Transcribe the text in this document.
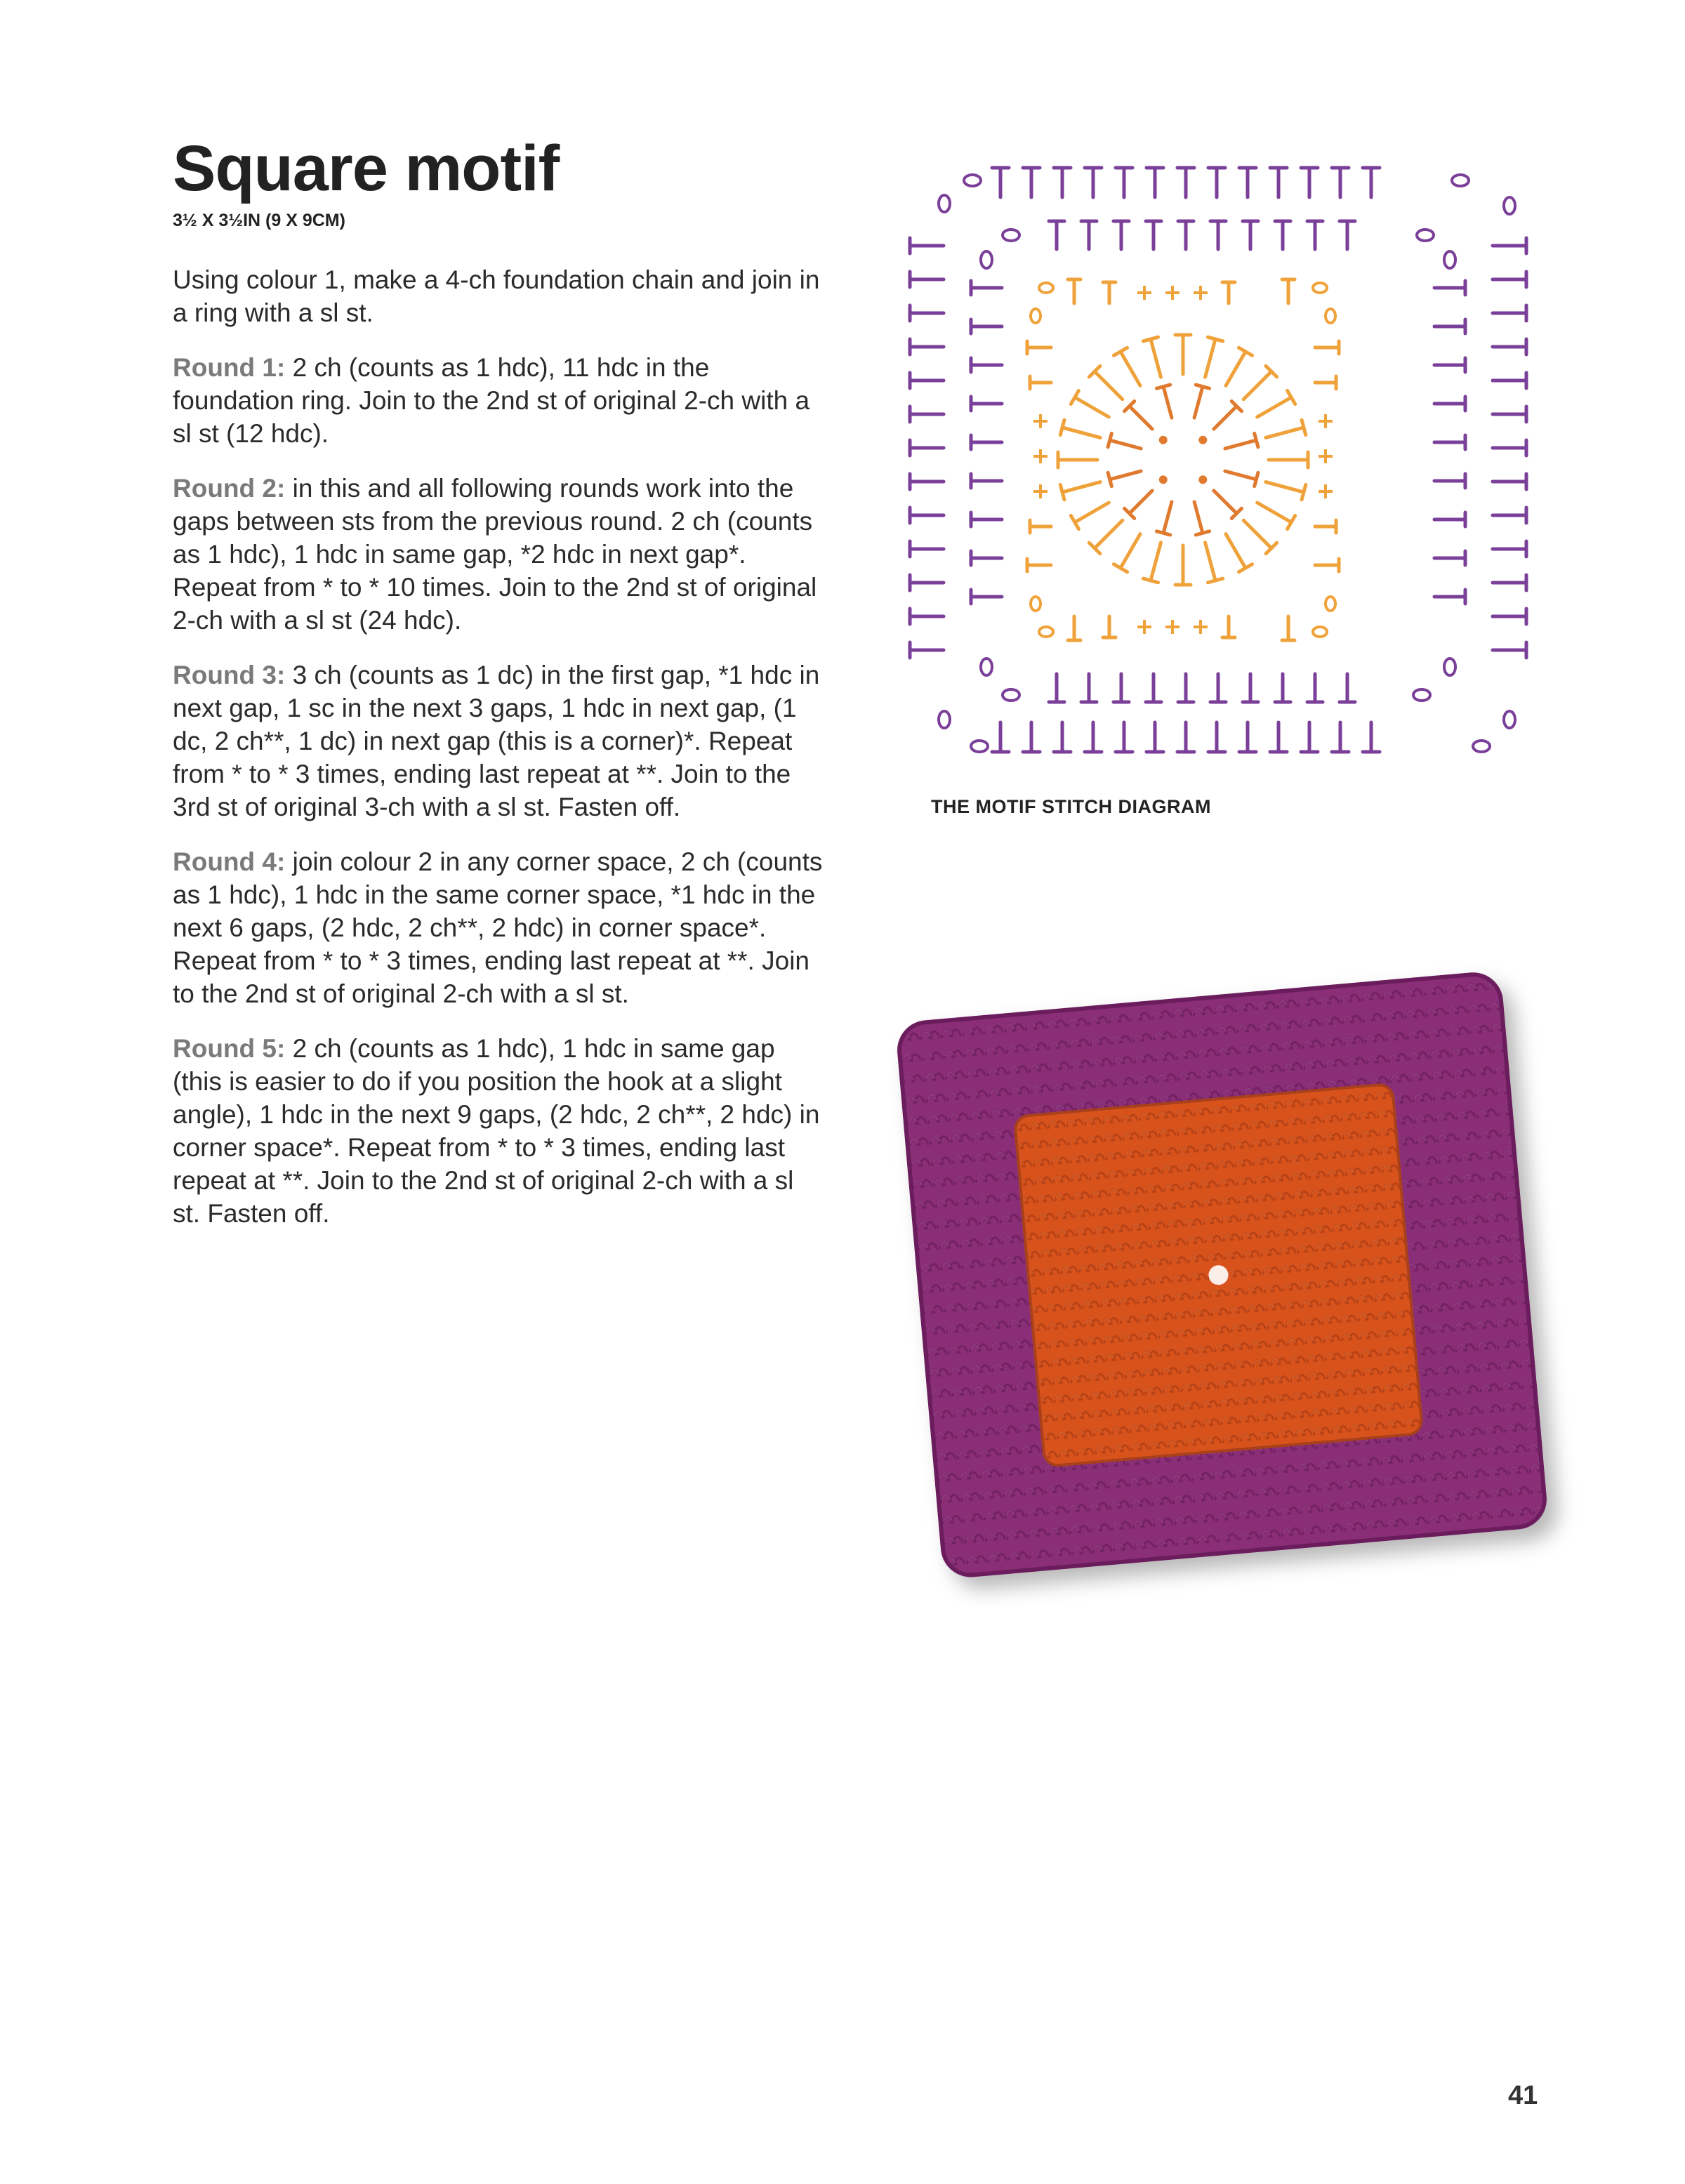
Square motif
3½ X 3½IN (9 X 9CM)

Using colour 1, make a 4-ch foundation chain and join in a ring with a sl st.

Round 1: 2 ch (counts as 1 hdc), 11 hdc in the foundation ring. Join to the 2nd st of original 2-ch with a sl st (12 hdc).

Round 2: in this and all following rounds work into the gaps between sts from the previous round. 2 ch (counts as 1 hdc), 1 hdc in same gap, *2 hdc in next gap*. Repeat from * to * 10 times. Join to the 2nd st of original 2-ch with a sl st (24 hdc).

Round 3: 3 ch (counts as 1 dc) in the first gap, *1 hdc in next gap, 1 sc in the next 3 gaps, 1 hdc in next gap, (1 dc, 2 ch**, 1 dc) in next gap (this is a corner)*. Repeat from * to * 3 times, ending last repeat at **. Join to the 3rd st of original 3-ch with a sl st. Fasten off.

Round 4: join colour 2 in any corner space, 2 ch (counts as 1 hdc), 1 hdc in the same corner space, *1 hdc in the next 6 gaps, (2 hdc, 2 ch**, 2 hdc) in corner space*. Repeat from * to * 3 times, ending last repeat at **. Join to the 2nd st of original 2-ch with a sl st.

Round 5: 2 ch (counts as 1 hdc), 1 hdc in same gap (this is easier to do if you position the hook at a slight angle), 1 hdc in the next 9 gaps, (2 hdc, 2 ch**, 2 hdc) in corner space*. Repeat from * to * 3 times, ending last repeat at **. Join to the 2nd st of original 2-ch with a sl st. Fasten off.

THE MOTIF STITCH DIAGRAM
41
